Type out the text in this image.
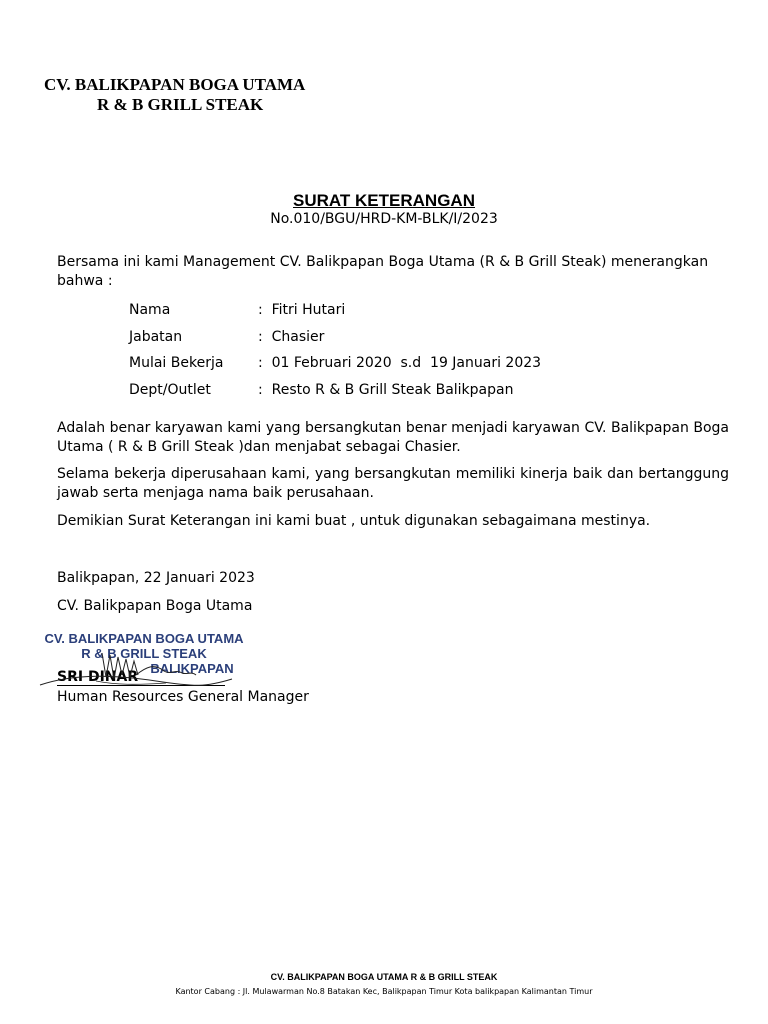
CV. BALIKPAPAN BOGA UTAMA
R & B GRILL STEAK
SURAT KETERANGAN
No.010/BGU/HRD-KM-BLK/I/2023
Bersama ini kami Management CV. Balikpapan Boga Utama (R & B Grill Steak) menerangkan
bahwa :
Nama	:  Fitri Hutari
Jabatan	:  Chasier
Mulai Bekerja :  01 Februari 2020  s.d  19 Januari 2023
Dept/Outlet	:  Resto R & B Grill Steak Balikpapan
Adalah benar karyawan kami yang bersangkutan benar menjadi karyawan CV. Balikpapan Boga Utama ( R & B Grill Steak )dan menjabat sebagai Chasier.
Selama bekerja diperusahaan kami, yang bersangkutan memiliki kinerja baik dan bertanggung jawab serta menjaga nama baik perusahaan.
Demikian Surat Keterangan ini kami buat , untuk digunakan sebagaimana mestinya.
Balikpapan, 22 Januari 2023
CV. Balikpapan Boga Utama
SRI DINAR
Human Resources General Manager
CV. BALIKPAPAN BOGA UTAMA
R & B GRILL STEAK
BALIKPAPAN
CV. BALIKPAPAN BOGA UTAMA R & B GRILL STEAK
Kantor Cabang : Jl. Mulawarman No.8 Batakan Kec, Balikpapan Timur Kota balikpapan Kalimantan Timur
